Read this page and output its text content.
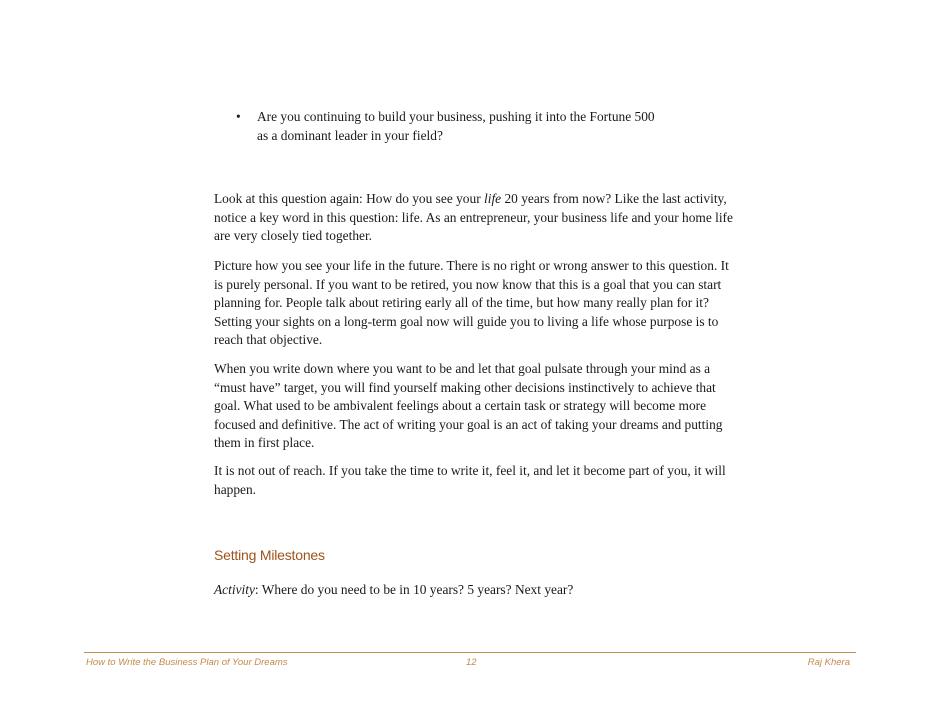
• Are you continuing to build your business, pushing it into the Fortune 500
as a dominant leader in your field?

Look at this question again: How do you see your life 20 years from now? Like the last activity, notice a key word in this question: life. As an entrepreneur, your business life and your home life are very closely tied together.

Picture how you see your life in the future. There is no right or wrong answer to this question. It is purely personal. If you want to be retired, you now know that this is a goal that you can start planning for. People talk about retiring early all of the time, but how many really plan for it? Setting your sights on a long-term goal now will guide you to living a life whose purpose is to reach that objective.

When you write down where you want to be and let that goal pulsate through your mind as a “must have” target, you will find yourself making other decisions instinctively to achieve that goal. What used to be ambivalent feelings about a certain task or strategy will become more focused and definitive. The act of writing your goal is an act of taking your dreams and putting them in first place.

It is not out of reach. If you take the time to write it, feel it, and let it become part of you, it will happen.

Setting Milestones
Activity: Where do you need to be in 10 years? 5 years? Next year?
How to Write the Business Plan of Your Dreams	12	Raj Khera
